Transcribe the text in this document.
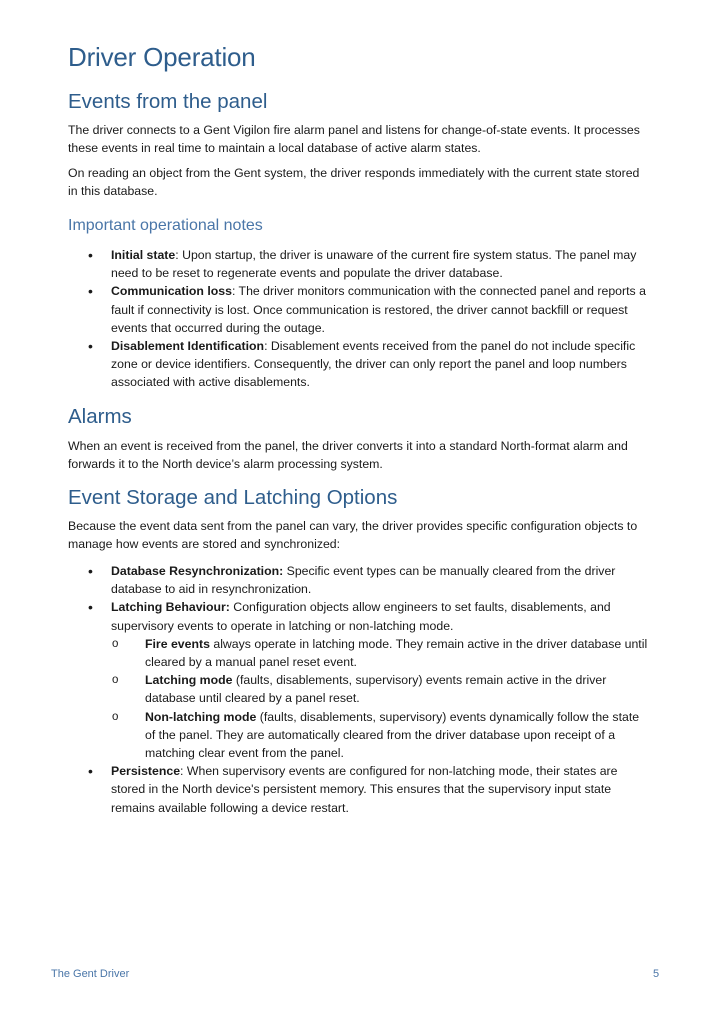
Driver Operation
Events from the panel

The driver connects to a Gent Vigilon fire alarm panel and listens for change-of-state events. It processes these events in real time to maintain a local database of active alarm states.

On reading an object from the Gent system, the driver responds immediately with the current state stored in this database.

Important operational notes
• Initial state: Upon startup, the driver is unaware of the current fire system status. The panel may need to be reset to regenerate events and populate the driver database.
• Communication loss: The driver monitors communication with the connected panel and reports a fault if connectivity is lost. Once communication is restored, the driver cannot backfill or request events that occurred during the outage.
• Disablement Identification: Disablement events received from the panel do not include specific zone or device identifiers. Consequently, the driver can only report the panel and loop numbers associated with active disablements.
Alarms

When an event is received from the panel, the driver converts it into a standard North-format alarm and forwards it to the North device’s alarm processing system.

Event Storage and Latching Options

Because the event data sent from the panel can vary, the driver provides specific configuration objects to manage how events are stored and synchronized:

• Database Resynchronization: Specific event types can be manually cleared from the driver database to aid in resynchronization.
• Latching Behaviour: Configuration objects allow engineers to set faults, disablements, and supervisory events to operate in latching or non-latching mode.
o Fire events always operate in latching mode. They remain active in the driver database until cleared by a manual panel reset event.
o Latching mode (faults, disablements, supervisory) events remain active in the driver database until cleared by a panel reset.
o Non-latching mode (faults, disablements, supervisory) events dynamically follow the state of the panel. They are automatically cleared from the driver database upon receipt of a matching clear event from the panel.
• Persistence: When supervisory events are configured for non-latching mode, their states are stored in the North device's persistent memory. This ensures that the supervisory input state remains available following a device restart.
The Gent Driver	5
